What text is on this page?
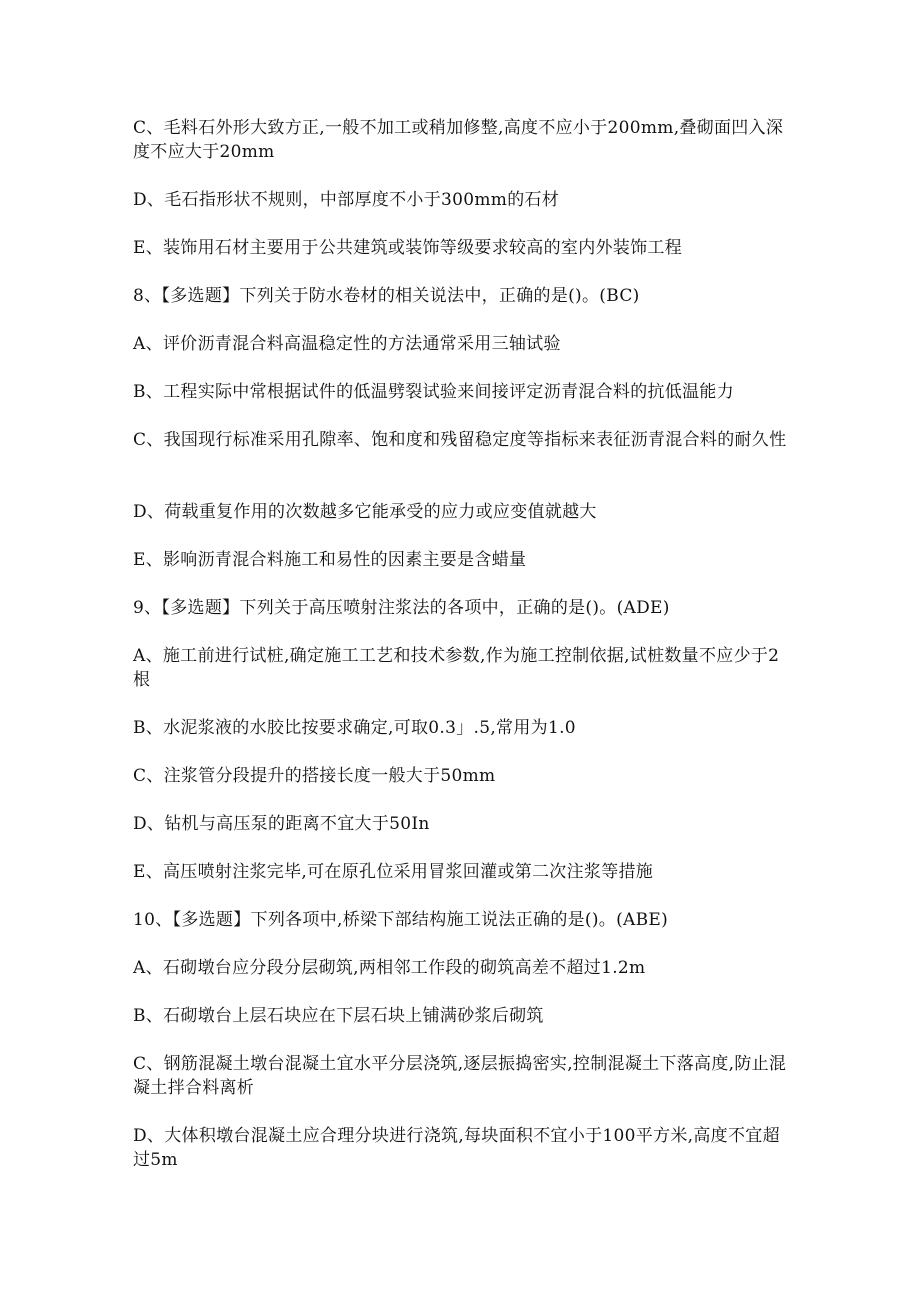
C、毛料石外形大致方正,一般不加工或稍加修整,高度不应小于200mm,叠砌面凹入深度不应大于20mm
D、毛石指形状不规则，中部厚度不小于300mm的石材
E、装饰用石材主要用于公共建筑或装饰等级要求较高的室内外装饰工程
8、【多选题】下列关于防水卷材的相关说法中，正确的是()。(BC)
A、评价沥青混合料高温稳定性的方法通常采用三轴试验
B、工程实际中常根据试件的低温劈裂试验来间接评定沥青混合料的抗低温能力
C、我国现行标准采用孔隙率、饱和度和残留稳定度等指标来表征沥青混合料的耐久性
D、荷载重复作用的次数越多它能承受的应力或应变值就越大
E、影响沥青混合料施工和易性的因素主要是含蜡量
9、【多选题】下列关于高压喷射注浆法的各项中，正确的是()。(ADE)
A、施工前进行试桩,确定施工工艺和技术参数,作为施工控制依据,试桩数量不应少于2根
B、水泥浆液的水胶比按要求确定,可取0.3」.5,常用为1.0
C、注浆管分段提升的搭接长度一般大于50mm
D、钻机与高压泵的距离不宜大于50In
E、高压喷射注浆完毕,可在原孔位采用冒浆回灌或第二次注浆等措施
10、【多选题】下列各项中,桥梁下部结构施工说法正确的是()。(ABE)
A、石砌墩台应分段分层砌筑,两相邻工作段的砌筑高差不超过1.2m
B、石砌墩台上层石块应在下层石块上铺满砂浆后砌筑
C、钢筋混凝土墩台混凝土宜水平分层浇筑,逐层振捣密实,控制混凝土下落高度,防止混凝土拌合料离析
D、大体积墩台混凝土应合理分块进行浇筑,每块面积不宜小于100平方米,高度不宜超过5m
